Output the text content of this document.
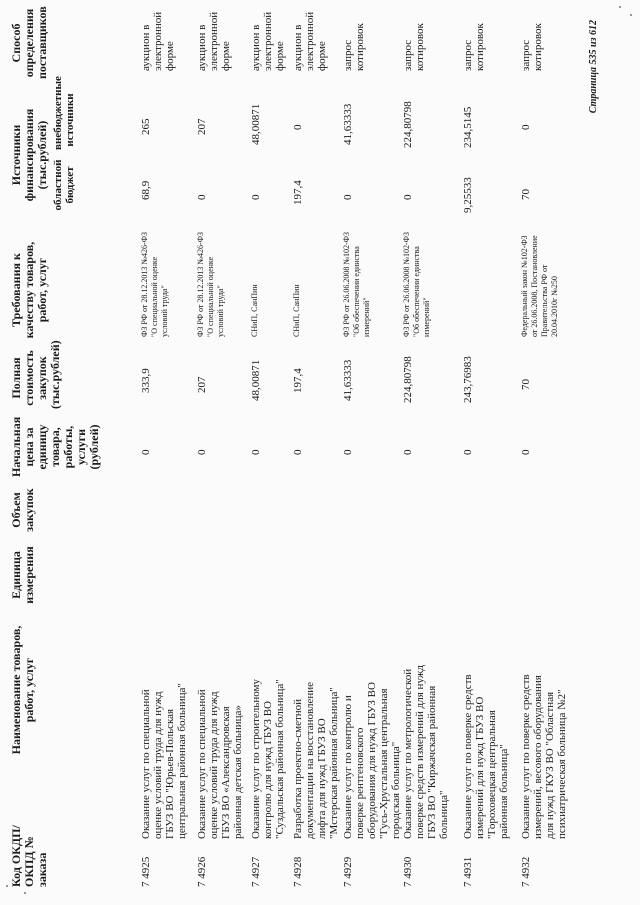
Код ОКДП/ ОКПД № заказа
Наименование товаров, работ, услуг
Единица измерения
Объем закупок
Начальная цена за единицу товара, работы, услуги (рублей)
Полная стоимость закупок (тыс.рублей)
Требования к качеству товаров, работ, услуг
Источники финансирования (тыс.рублей) областной бюджет
внебюджетные источники
Способ определения поставщиков
7 4925
Оказание услуг по специальной оценке условий труда для нужд ГБУЗ ВО "Юрьев-Польская центральная районная больница"
0
333,9
ФЗ РФ от 28.12.2013 №426-ФЗ "О специальной оценке условий труда"
68,9
265
аукцион в электронной форме
7 4926
Оказание услуг по специальной оценке условий труда для нужд ГБУЗ ВО «Александровская районная детская больница»
0
207
ФЗ РФ от 28.12.2013 №426-ФЗ "О специальной оценке условий труда"
0
207
аукцион в электронной форме
7 4927
Оказание услуг по строительному контролю для нужд ГБУЗ ВО "Суздальская районная больница"
0
48,00871
СНиП, СанПин
0
48,00871
аукцион в электронной форме
7 4928
Разработка проектно-сметной документации на восстановление лифта для нужд ГБУЗ ВО "Мстерская районная больница"
0
197,4
СНиП, СанПин
197,4
0
аукцион в электронной форме
7 4929
Оказание услуг по контролю и поверке рентгеновского оборудования для нужд ГБУЗ ВО "Гусь-Хрустальная центральная городская больница"
0
41,63333
ФЗ РФ от 26.06.2008 №102-ФЗ "Об обеспечении единства измерений"
0
41,63333
запрос котировок
7 4930
Оказание услуг по метрологической поверке средств измерений для нужд ГБУЗ ВО "Киржачская районная больница"
0
224,80798
ФЗ РФ от 26.06.2008 №102-ФЗ "Об обеспечении единства измерений"
0
224,80798
запрос котировок
7 4931
Оказание услуг по поверке средств измерений для нужд ГБУЗ ВО "Гороховецкая центральная районная больница"
0
243,76983
9,25533
234,5145
запрос котировок
7 4932
Оказание услуг по поверке средств измерений, весового оборудования для нужд ГКУЗ ВО "Областная психиатрическая больница №2"
0
70
Федеральный закон №102-ФЗ от 26.06.2008, Постановление Правительства РФ от 20.04.2010г №250
70
0
запрос котировок	Страница 535 из 612
